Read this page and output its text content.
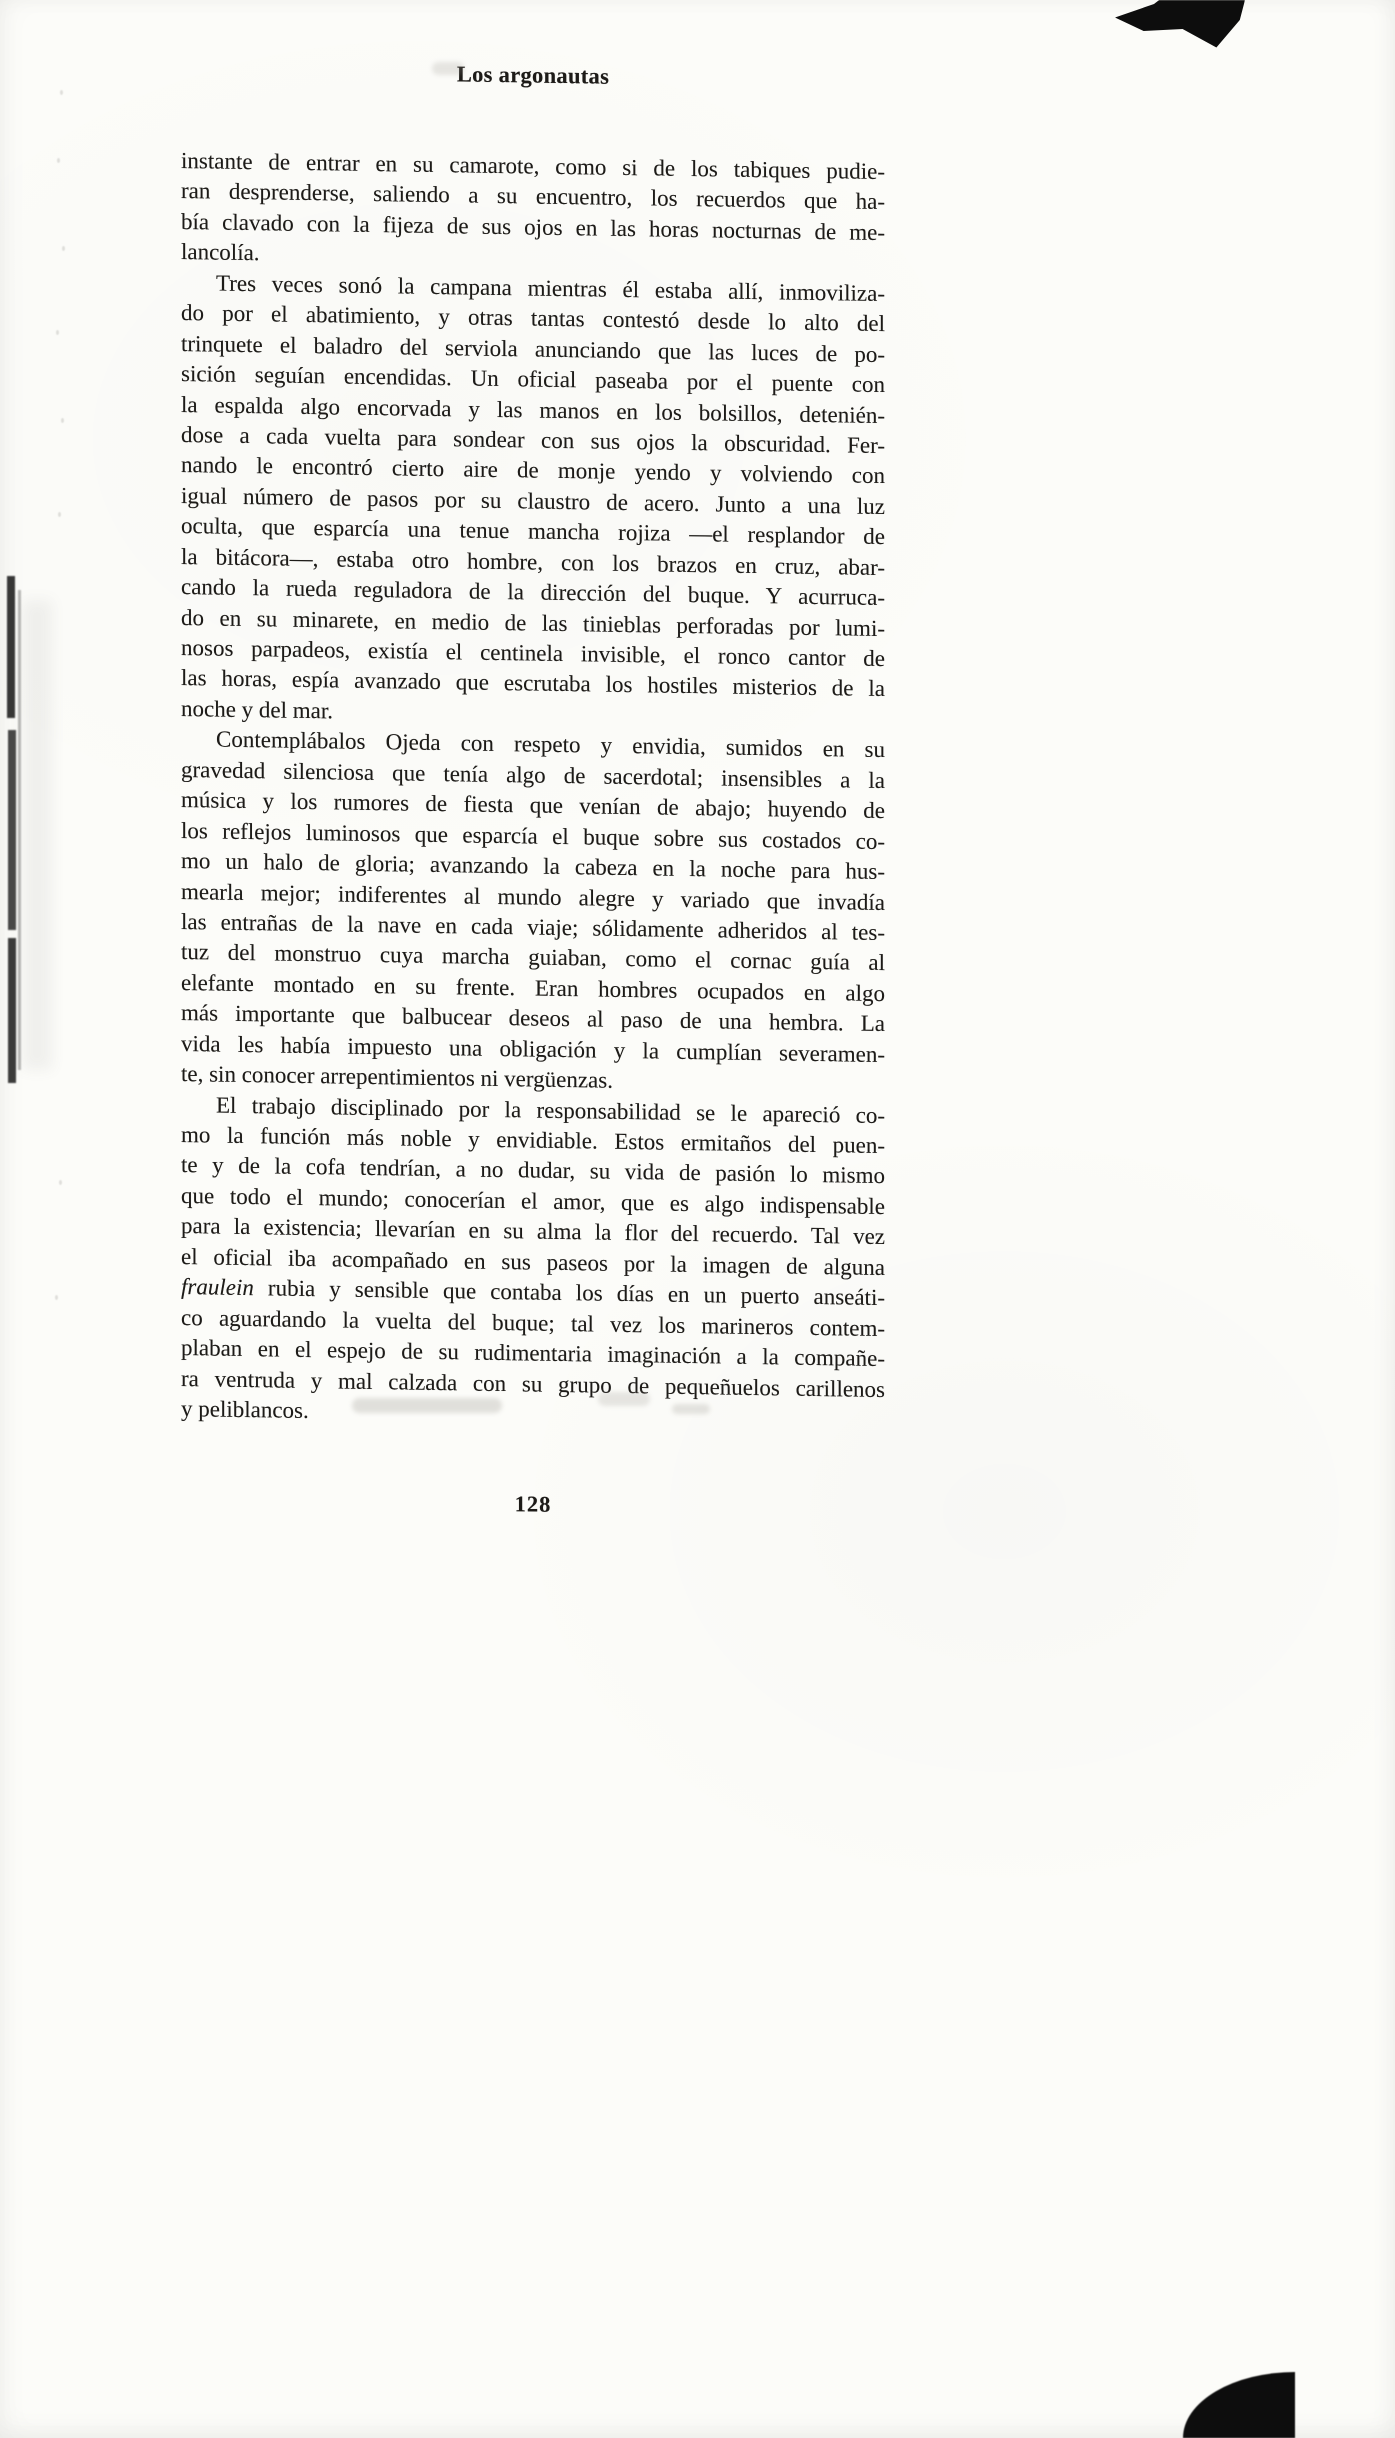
Los argonautas
instante de entrar en su camarote, como si de los tabiques pudie-
ran desprenderse, saliendo a su encuentro, los recuerdos que ha-
bía clavado con la fijeza de sus ojos en las horas nocturnas de me-
lancolía.
Tres veces sonó la campana mientras él estaba allí, inmoviliza-
do por el abatimiento, y otras tantas contestó desde lo alto del
trinquete el baladro del serviola anunciando que las luces de po-
sición seguían encendidas. Un oficial paseaba por el puente con
la espalda algo encorvada y las manos en los bolsillos, detenién-
dose a cada vuelta para sondear con sus ojos la obscuridad. Fer-
nando le encontró cierto aire de monje yendo y volviendo con
igual número de pasos por su claustro de acero. Junto a una luz
oculta, que esparcía una tenue mancha rojiza —el resplandor de
la bitácora—, estaba otro hombre, con los brazos en cruz, abar-
cando la rueda reguladora de la dirección del buque. Y acurruca-
do en su minarete, en medio de las tinieblas perforadas por lumi-
nosos parpadeos, existía el centinela invisible, el ronco cantor de
las horas, espía avanzado que escrutaba los hostiles misterios de la
noche y del mar.
Contemplábalos Ojeda con respeto y envidia, sumidos en su
gravedad silenciosa que tenía algo de sacerdotal; insensibles a la
música y los rumores de fiesta que venían de abajo; huyendo de
los reflejos luminosos que esparcía el buque sobre sus costados co-
mo un halo de gloria; avanzando la cabeza en la noche para hus-
mearla mejor; indiferentes al mundo alegre y variado que invadía
las entrañas de la nave en cada viaje; sólidamente adheridos al tes-
tuz del monstruo cuya marcha guiaban, como el cornac guía al
elefante montado en su frente. Eran hombres ocupados en algo
más importante que balbucear deseos al paso de una hembra. La
vida les había impuesto una obligación y la cumplían severamen-
te, sin conocer arrepentimientos ni vergüenzas.
El trabajo disciplinado por la responsabilidad se le apareció co-
mo la función más noble y envidiable. Estos ermitaños del puen-
te y de la cofa tendrían, a no dudar, su vida de pasión lo mismo
que todo el mundo; conocerían el amor, que es algo indispensable
para la existencia; llevarían en su alma la flor del recuerdo. Tal vez
el oficial iba acompañado en sus paseos por la imagen de alguna
fraulein rubia y sensible que contaba los días en un puerto anseáti-
co aguardando la vuelta del buque; tal vez los marineros contem-
plaban en el espejo de su rudimentaria imaginación a la compañe-
ra ventruda y mal calzada con su grupo de pequeñuelos carillenos
y peliblancos.
128
